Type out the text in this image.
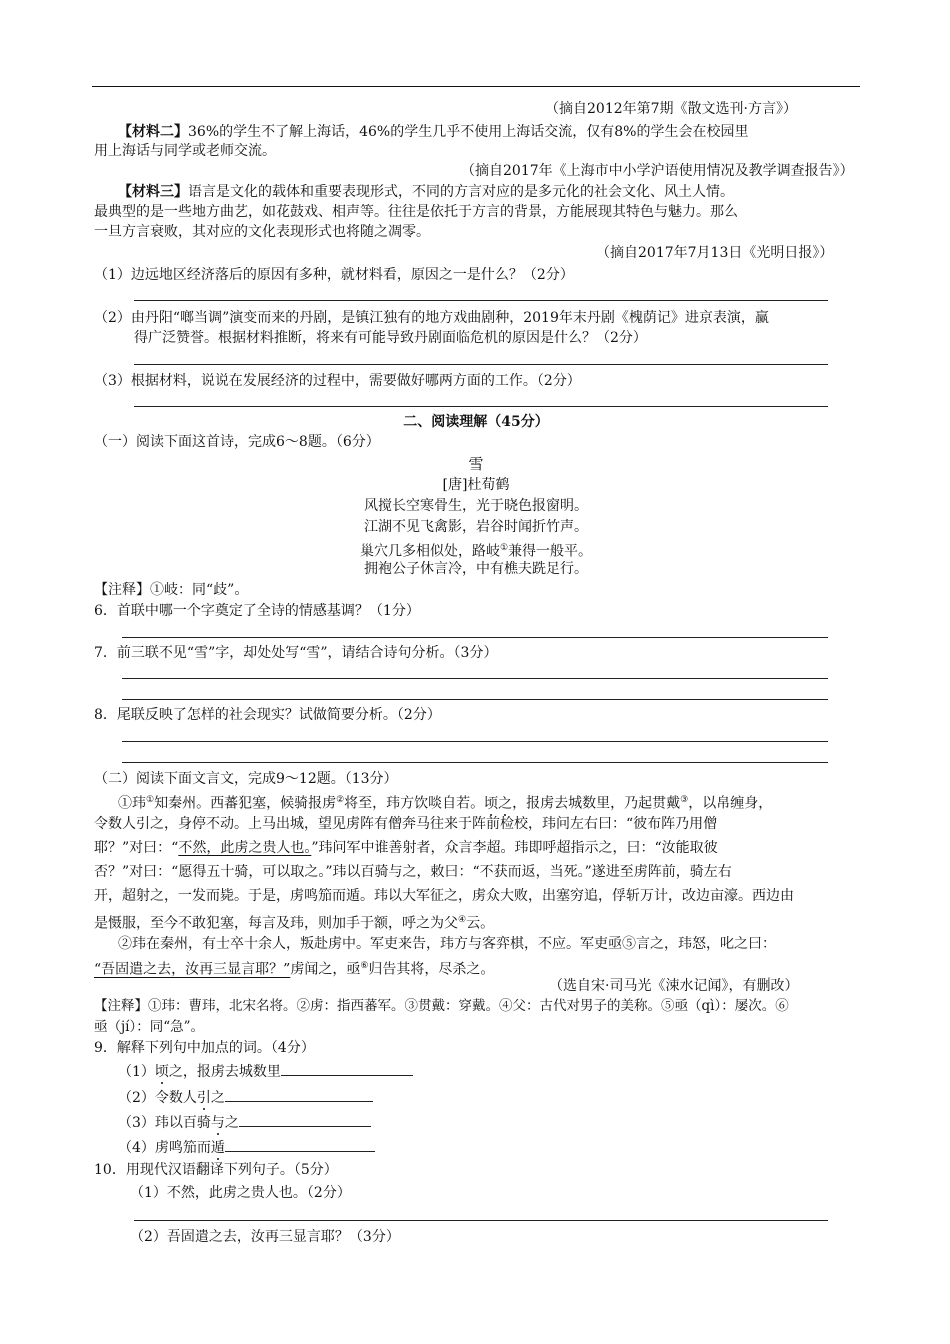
（摘自2012年第7期《散文选刊·方言》）
【材料二】36%的学生不了解上海话，46%的学生几乎不使用上海话交流，仅有8%的学生会在校园里
用上海话与同学或老师交流。
（摘自2017年《上海市中小学沪语使用情况及教学调查报告》）
【材料三】语言是文化的载体和重要表现形式，不同的方言对应的是多元化的社会文化、风土人情。
最典型的是一些地方曲艺，如花鼓戏、相声等。往往是依托于方言的背景，方能展现其特色与魅力。那么
一旦方言衰败，其对应的文化表现形式也将随之凋零。
（摘自2017年7月13日《光明日报》）
（1）边远地区经济落后的原因有多种，就材料看，原因之一是什么？（2分）
（2）由丹阳“啷当调”演变而来的丹剧，是镇江独有的地方戏曲剧种，2019年末丹剧《槐荫记》进京表演，赢
得广泛赞誉。根据材料推断，将来有可能导致丹剧面临危机的原因是什么？（2分）
（3）根据材料，说说在发展经济的过程中，需要做好哪两方面的工作。（2分）
二、阅读理解（45分）
（一）阅读下面这首诗，完成6～8题。（6分）
雪
[唐]杜荀鹤
风搅长空寒骨生，光于晓色报窗明。
江湖不见飞禽影，岩谷时闻折竹声。
巢穴几多相似处，路岐①兼得一般平。
拥袍公子休言冷，中有樵夫跣足行。
【注释】①岐：同“歧”。
6．首联中哪一个字奠定了全诗的情感基调？（1分）
7．前三联不见“雪”字，却处处写“雪”，请结合诗句分析。（3分）
8．尾联反映了怎样的社会现实？试做简要分析。（2分）
（二）阅读下面文言文，完成9～12题。（13分）
①玮①知秦州。西蕃犯塞，候骑报虏②将至，玮方饮啖自若。顷之，报虏去城数里，乃起贯戴③，以帛缠身，
令数人引之，身停不动。上马出城，望见虏阵有僧奔马往来于阵前检校，玮问左右曰：“彼布阵乃用僧
耶？”对曰：“不然，此虏之贵人也。”玮问军中谁善射者，众言李超。玮即呼超指示之，曰：“汝能取彼
否？”对曰：“愿得五十骑，可以取之。”玮以百骑与之，敕曰：“不获而返，当死。”遂进至虏阵前，骑左右
开，超射之，一发而毙。于是，虏鸣笳而遁。玮以大军征之，虏众大败，出塞穷追，俘斩万计，改边亩濠。西边由
是慑服，至今不敢犯塞，每言及玮，则加手于额，呼之为父④云。
②玮在秦州，有士卒十余人，叛赴虏中。军吏来告，玮方与客弈棋，不应。军吏亟⑤言之，玮怒，叱之曰：
“吾固遣之去，汝再三显言耶？”虏闻之，亟⑥归告其将，尽杀之。
（选自宋·司马光《涑水记闻》，有删改）
【注释】①玮：曹玮，北宋名将。②虏：指西蕃军。③贯戴：穿戴。④父：古代对男子的美称。⑤亟（qì）：屡次。⑥
亟（jí）：同“急”。
9．解释下列句中加点的词。（4分）
（1）顷之，报虏去城数里
（2）令数人引之
（3）玮以百骑与之
（4）虏鸣笳而遁
10．用现代汉语翻译下列句子。（5分）
（1）不然，此虏之贵人也。（2分）
（2）吾固遣之去，汝再三显言耶？（3分）
